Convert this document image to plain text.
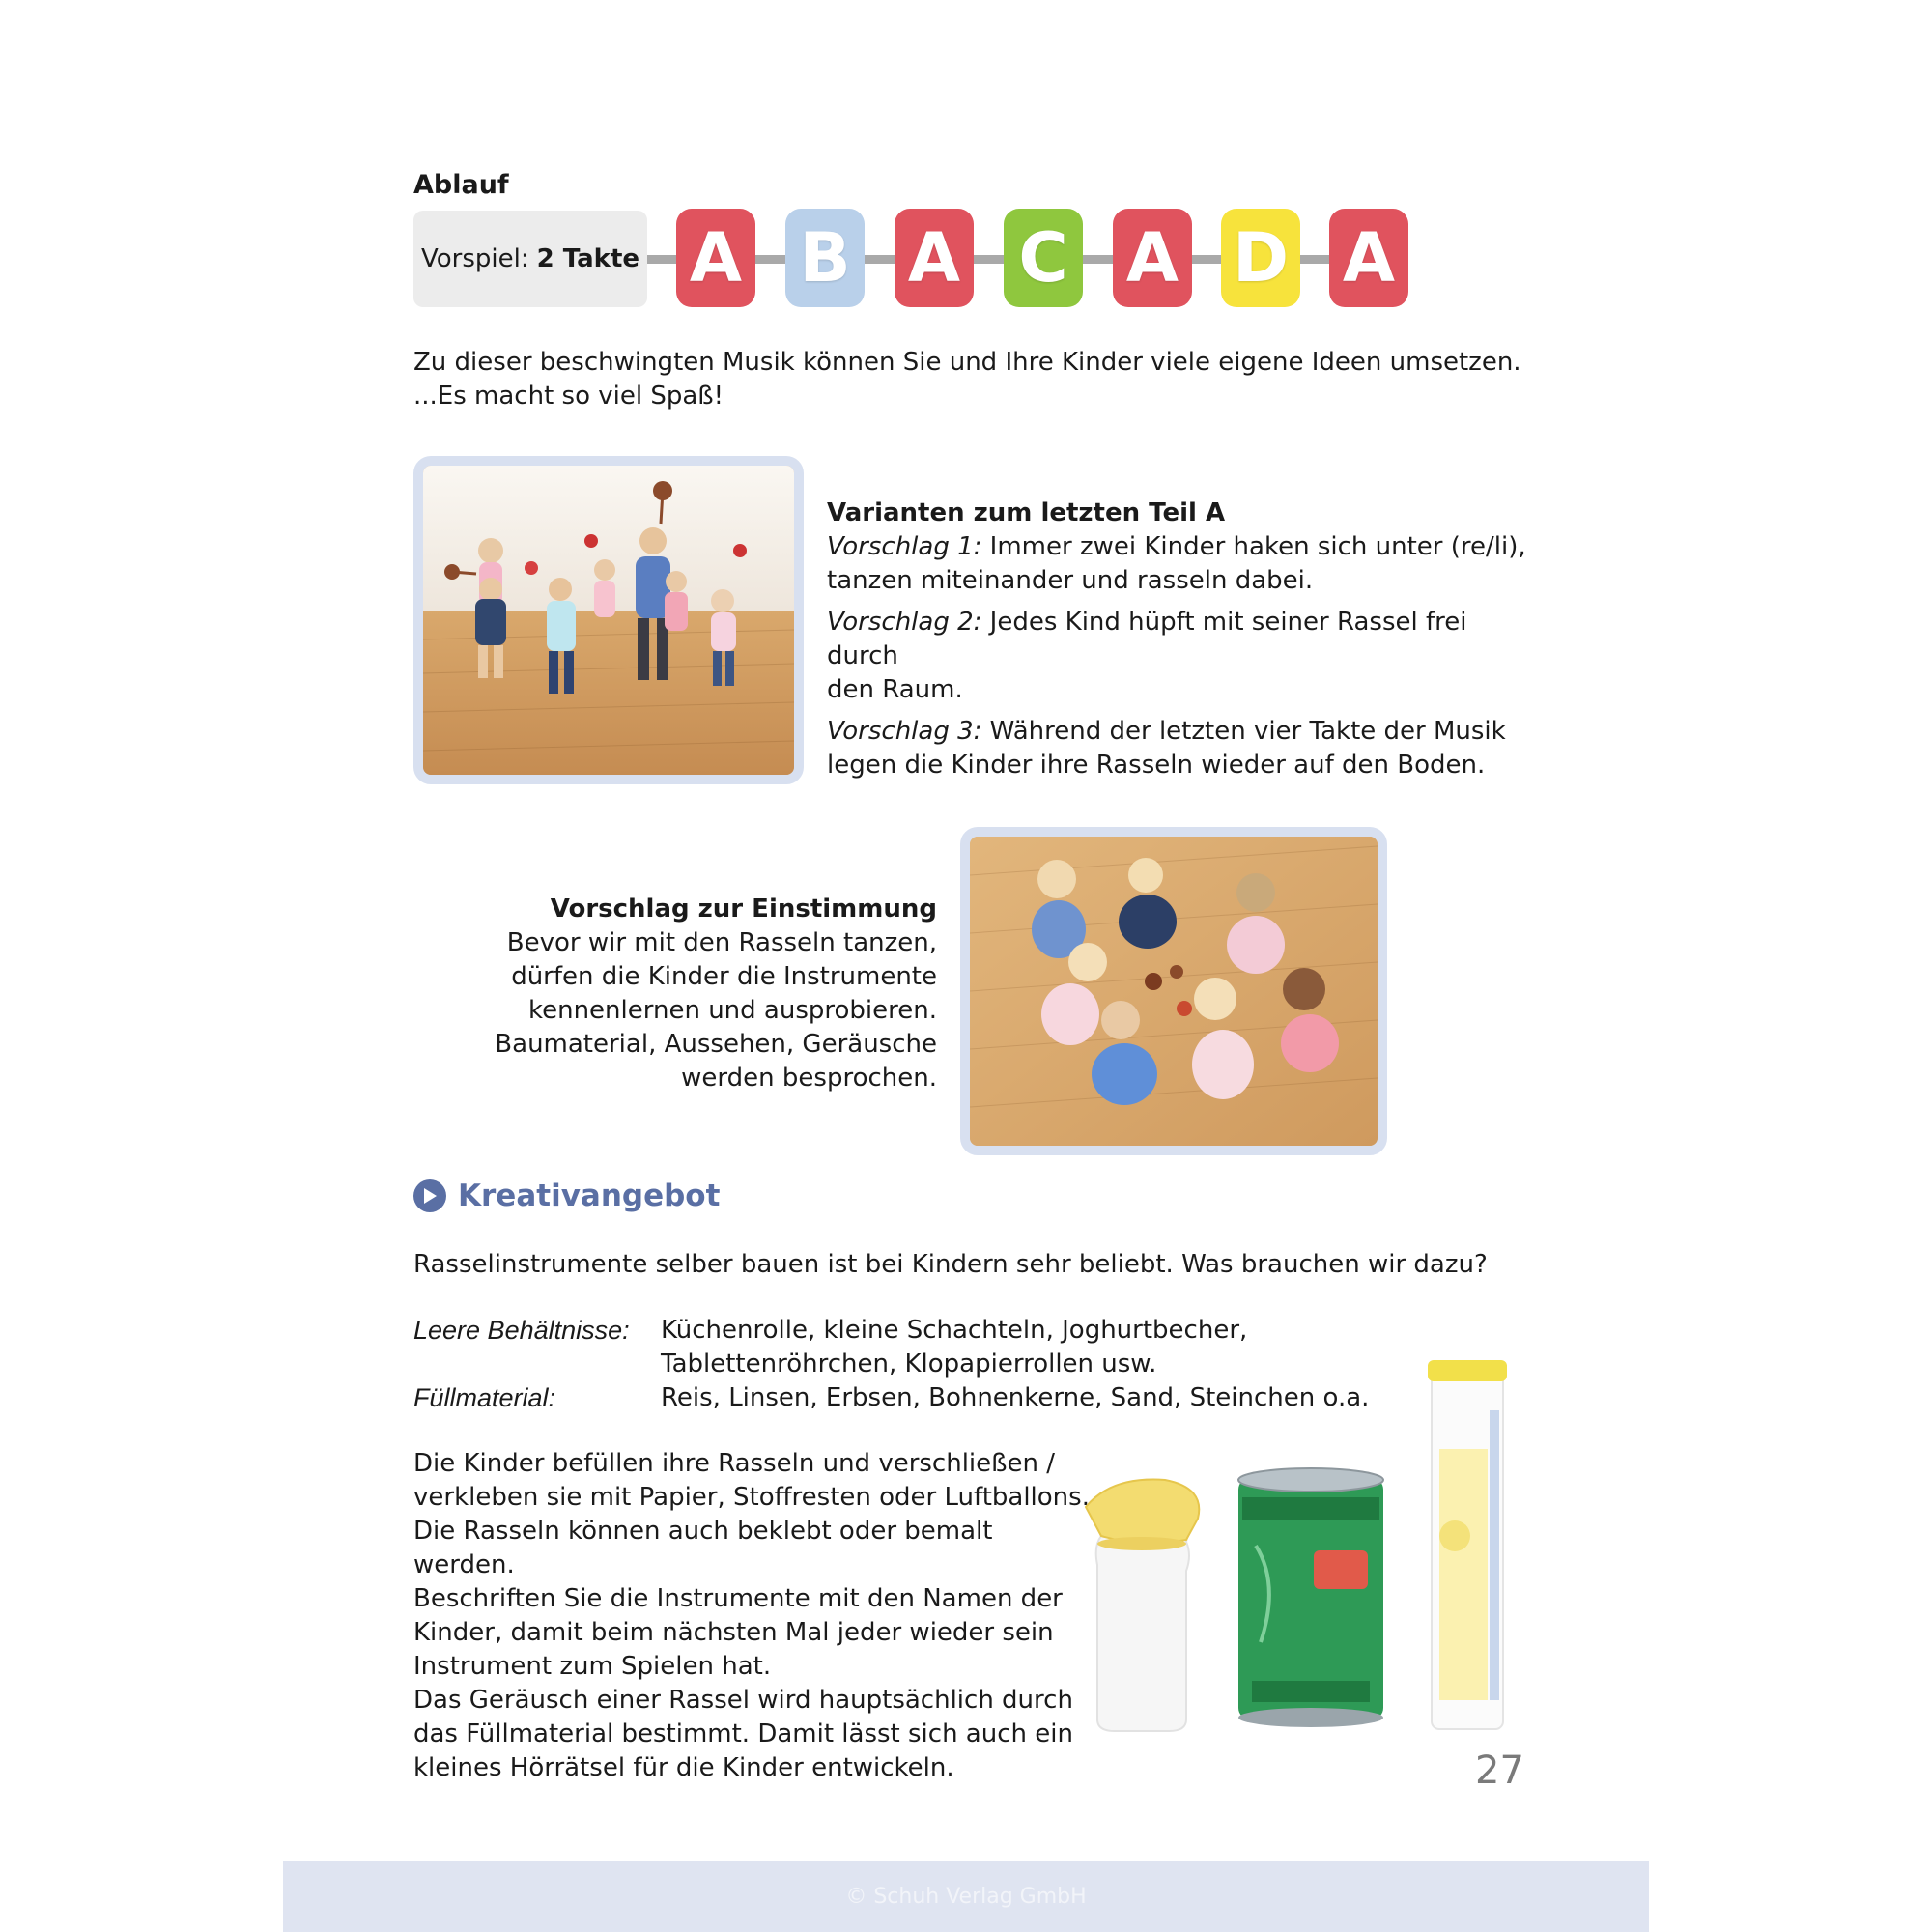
Ablauf
Vorspiel: 2 Takte A B A C A D A
Zu dieser beschwingten Musik können Sie und Ihre Kinder viele eigene Ideen umsetzen.
...Es macht so viel Spaß!
Varianten zum letzten Teil A
Vorschlag 1: Immer zwei Kinder haken sich unter (re/li),
tanzen miteinander und rasseln dabei.
Vorschlag 2: Jedes Kind hüpft mit seiner Rassel frei durch
den Raum.
Vorschlag 3: Während der letzten vier Takte der Musik
legen die Kinder ihre Rasseln wieder auf den Boden.
Vorschlag zur Einstimmung
Bevor wir mit den Rasseln tanzen,
dürfen die Kinder die Instrumente
kennenlernen und ausprobieren.
Baumaterial, Aussehen, Geräusche
werden besprochen.
Kreativangebot
Rasselinstrumente selber bauen ist bei Kindern sehr beliebt. Was brauchen wir dazu?
Leere Behältnisse:	Küchenrolle, kleine Schachteln, Joghurtbecher,
Tablettenröhrchen, Klopapierrollen usw.
Füllmaterial:	Reis, Linsen, Erbsen, Bohnenkerne, Sand, Steinchen o.a.
Die Kinder befüllen ihre Rasseln und verschließen /
verkleben sie mit Papier, Stoffresten oder Luftballons.
Die Rasseln können auch beklebt oder bemalt werden.
Beschriften Sie die Instrumente mit den Namen der
Kinder, damit beim nächsten Mal jeder wieder sein
Instrument zum Spielen hat.
Das Geräusch einer Rassel wird hauptsächlich durch
das Füllmaterial bestimmt. Damit lässt sich auch ein
kleines Hörrätsel für die Kinder entwickeln.	27
© Schuh Verlag GmbH
